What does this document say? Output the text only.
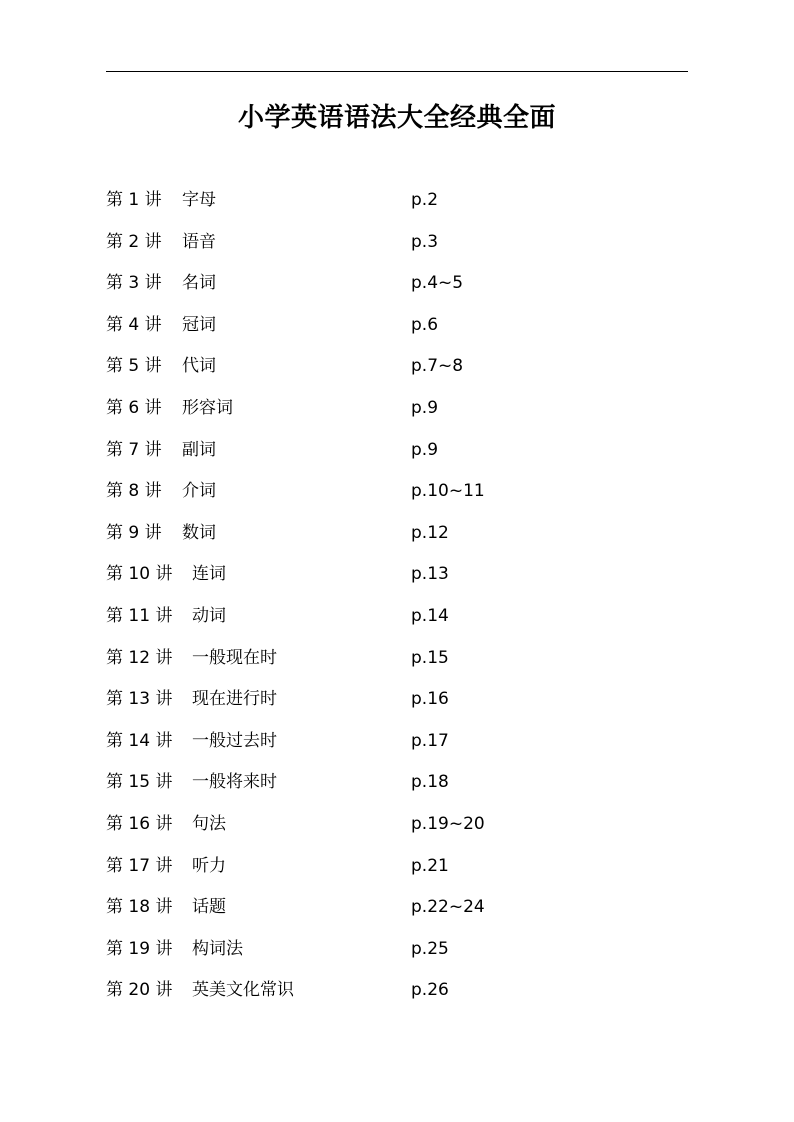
小学英语语法大全经典全面
第 1 讲 字母	p.2
第 2 讲 语音	p.3
第 3 讲 名词	p.4~5
第 4 讲 冠词	p.6
第 5 讲 代词	p.7~8
第 6 讲 形容词	p.9
第 7 讲 副词	p.9
第 8 讲 介词	p.10~11
第 9 讲 数词	p.12
第 10 讲 连词	p.13
第 11 讲 动词	p.14
第 12 讲 一般现在时	p.15
第 13 讲 现在进行时	p.16
第 14 讲 一般过去时	p.17
第 15 讲 一般将来时	p.18
第 16 讲 句法	p.19~20
第 17 讲 听力	p.21
第 18 讲 话题	p.22~24
第 19 讲 构词法	p.25
第 20 讲 英美文化常识	p.26
